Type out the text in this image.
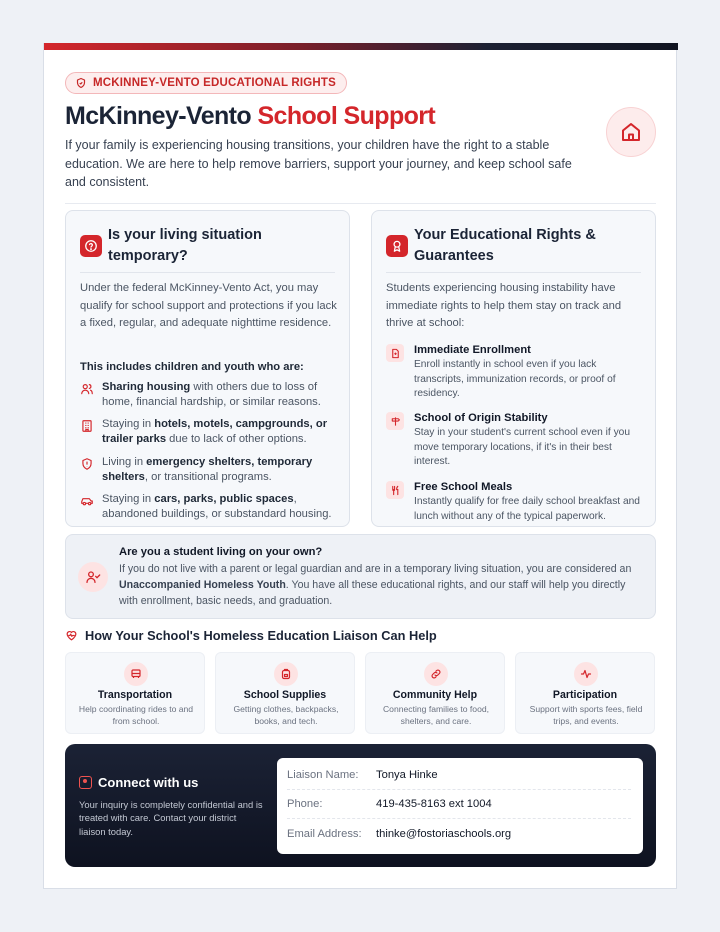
MCKINNEY-VENTO EDUCATIONAL RIGHTS
McKinney-Vento School Support
If your family is experiencing housing transitions, your children have the right to a stable education. We are here to help remove barriers, support your journey, and keep school safe and consistent.
Is your living situation temporary?
Under the federal McKinney-Vento Act, you may qualify for school support and protections if you lack a fixed, regular, and adequate nighttime residence.
This includes children and youth who are:
Sharing housing with others due to loss of home, financial hardship, or similar reasons.
Staying in hotels, motels, campgrounds, or trailer parks due to lack of other options.
Living in emergency shelters, temporary shelters, or transitional programs.
Staying in cars, parks, public spaces, abandoned buildings, or substandard housing.
Your Educational Rights & Guarantees
Students experiencing housing instability have immediate rights to help them stay on track and thrive at school:
Immediate Enrollment
Enroll instantly in school even if you lack transcripts, immunization records, or proof of residency.
School of Origin Stability
Stay in your student's current school even if you move temporary locations, if it's in their best interest.
Free School Meals
Instantly qualify for free daily school breakfast and lunch without any of the typical paperwork.
Are you a student living on your own?
If you do not live with a parent or legal guardian and are in a temporary living situation, you are considered an Unaccompanied Homeless Youth. You have all these educational rights, and our staff will help you directly with enrollment, basic needs, and graduation.
How Your School's Homeless Education Liaison Can Help
Transportation
Help coordinating rides to and from school.
School Supplies
Getting clothes, backpacks, books, and tech.
Community Help
Connecting families to food, shelters, and care.
Participation
Support with sports fees, field trips, and events.
Connect with us
Your inquiry is completely confidential and is treated with care. Contact your district liaison today.
Liaison Name:	Tonya Hinke
Phone:	419-435-8163 ext 1004
Email Address:	thinke@fostoriaschools.org
